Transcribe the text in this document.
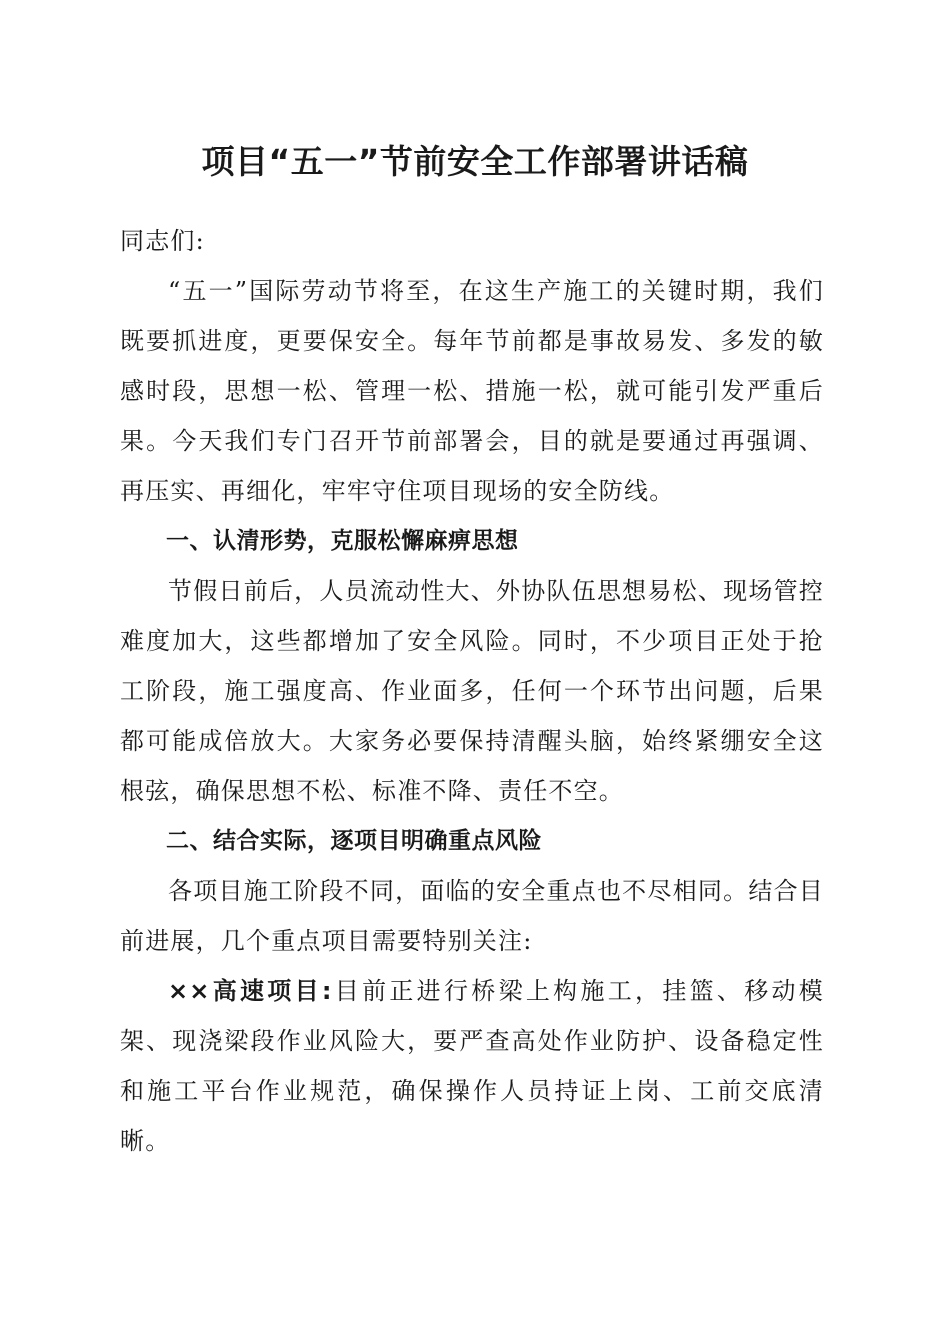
项目“五一”节前安全工作部署讲话稿

同志们:

“五一”国际劳动节将至，在这生产施工的关键时期，我们既要抓进度，更要保安全。每年节前都是事故易发、多发的敏感时段，思想一松、管理一松、措施一松，就可能引发严重后果。今天我们专门召开节前部署会，目的就是要通过再强调、再压实、再细化，牢牢守住项目现场的安全防线。

一、认清形势，克服松懈麻痹思想

节假日前后，人员流动性大、外协队伍思想易松、现场管控难度加大，这些都增加了安全风险。同时，不少项目正处于抢工阶段，施工强度高、作业面多，任何一个环节出问题，后果都可能成倍放大。大家务必要保持清醒头脑，始终紧绷安全这根弦，确保思想不松、标准不降、责任不空。

二、结合实际，逐项目明确重点风险

各项目施工阶段不同，面临的安全重点也不尽相同。结合目前进展，几个重点项目需要特别关注:

××高速项目:目前正进行桥梁上构施工，挂篮、移动模架、现浇梁段作业风险大，要严查高处作业防护、设备稳定性和施工平台作业规范，确保操作人员持证上岗、工前交底清晰。
